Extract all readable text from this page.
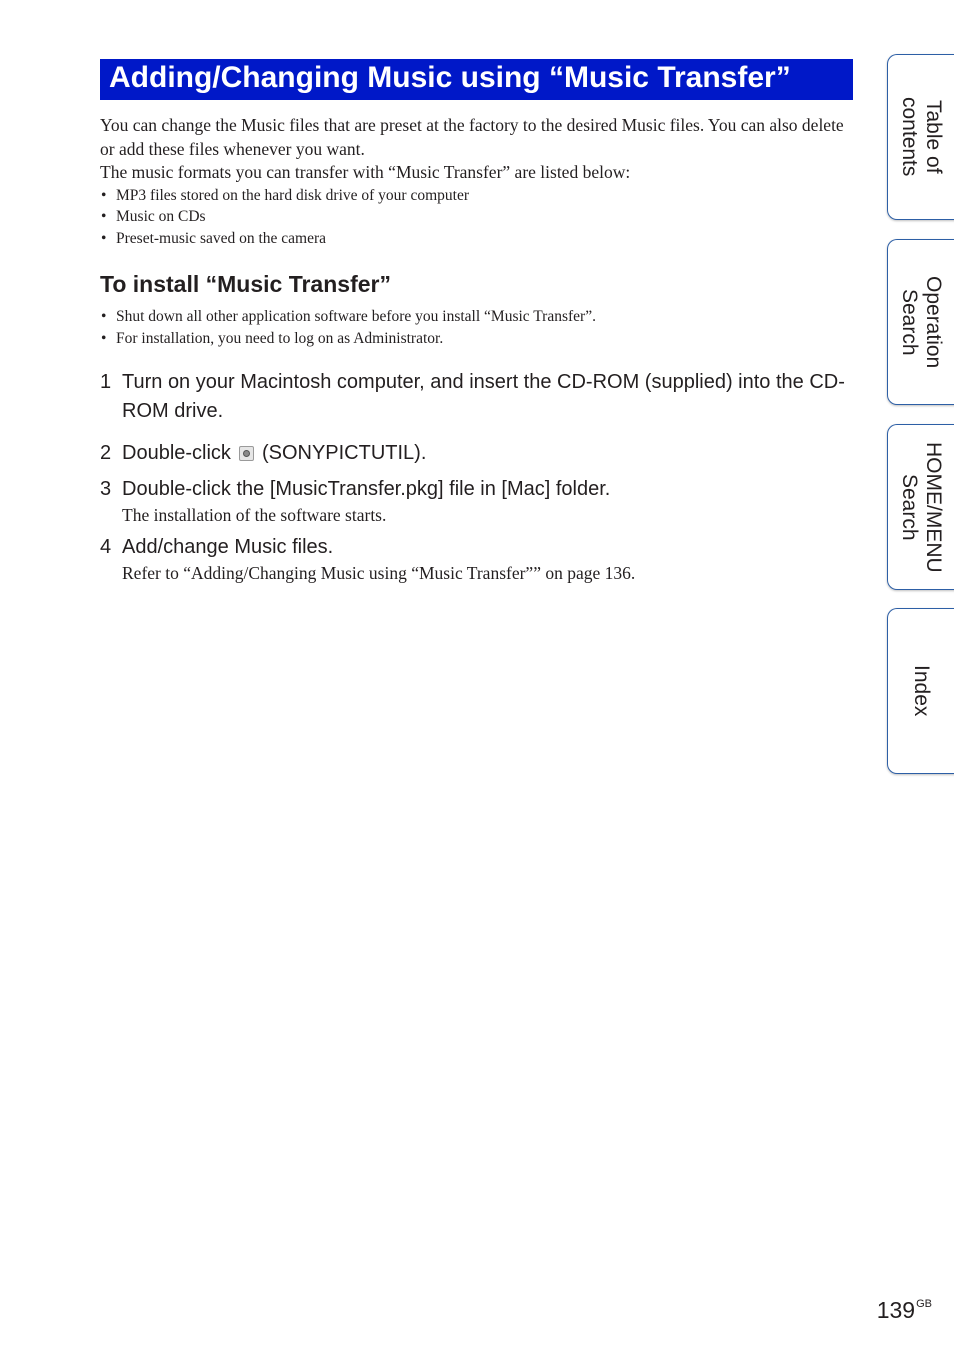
Adding/Changing Music using “Music Transfer”

You can change the Music files that are preset at the factory to the desired Music files. You can also delete or add these files whenever you want.

The music formats you can transfer with “Music Transfer” are listed below:

• MP3 files stored on the hard disk drive of your computer
• Music on CDs
• Preset-music saved on the camera
To install “Music Transfer”
• Shut down all other application software before you install “Music Transfer”.
• For installation, you need to log on as Administrator.
1 Turn on your Macintosh computer, and insert the CD-ROM (supplied) into the CD-ROM drive.
2 Double-click (SONYPICTUTIL).
3 Double-click the [MusicTransfer.pkg] file in [Mac] folder.
The installation of the software starts.
4 Add/change Music files.
Refer to “Adding/Changing Music using “Music Transfer”” on page 136.
Table of
contents
Operation
Search
HOME/MENU
Search
Index
$139^{GB}$
